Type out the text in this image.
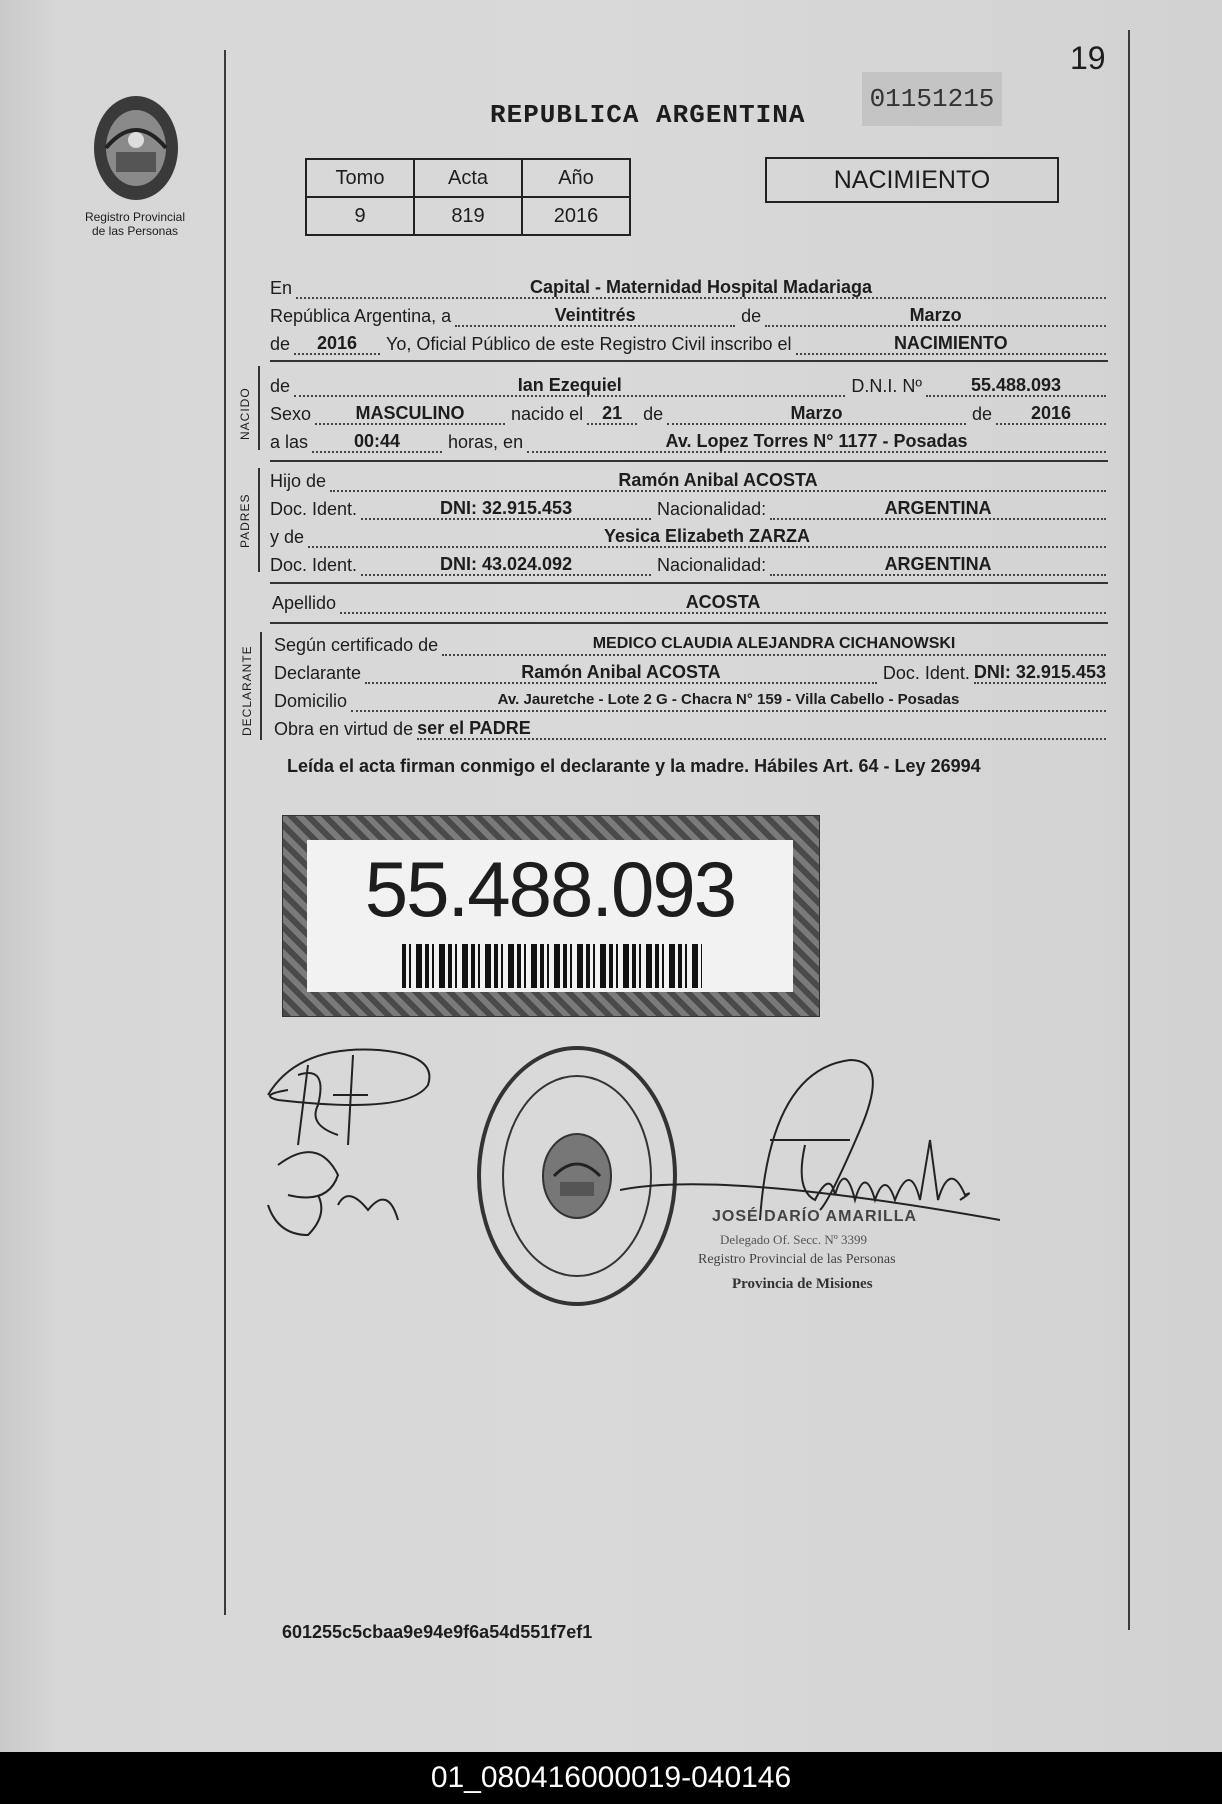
19
Registro Provincial
de las Personas
REPUBLICA ARGENTINA
01151215
Tomo	Acta	Año
9	819	2016
NACIMIENTO
En	Capital - Maternidad Hospital Madariaga
República Argentina, a	Veintitrés	de	Marzo
de	2016	Yo, Oficial Público de este Registro Civil inscribo el	NACIMIENTO
NACIDO
de	Ian Ezequiel	D.N.I. Nº	55.488.093
Sexo	MASCULINO	nacido el	21	de	Marzo	de	2016
a las	00:44	horas, en	Av. Lopez Torres N° 1177 - Posadas
PADRES
Hijo de	Ramón Anibal ACOSTA
Doc. Ident.	DNI: 32.915.453	Nacionalidad:	ARGENTINA
y de	Yesica Elizabeth ZARZA
Doc. Ident.	DNI: 43.024.092	Nacionalidad:	ARGENTINA
Apellido	ACOSTA
DECLARANTE
Según certificado de	MEDICO CLAUDIA ALEJANDRA CICHANOWSKI
Declarante	Ramón Anibal ACOSTA	Doc. Ident. DNI: 32.915.453
Domicilio	Av. Jauretche - Lote 2 G - Chacra N° 159 - Villa Cabello - Posadas
Obra en virtud de ser el PADRE
Leída el acta firman conmigo el declarante y la madre. Hábiles Art. 64 - Ley 26994
55.488.093
JOSÉ DARÍO AMARILLA
Delegado Of. Secc. Nº 3399
Registro Provincial de las Personas
Provincia de Misiones
601255c5cbaa9e94e9f6a54d551f7ef1
01_080416000019-040146
